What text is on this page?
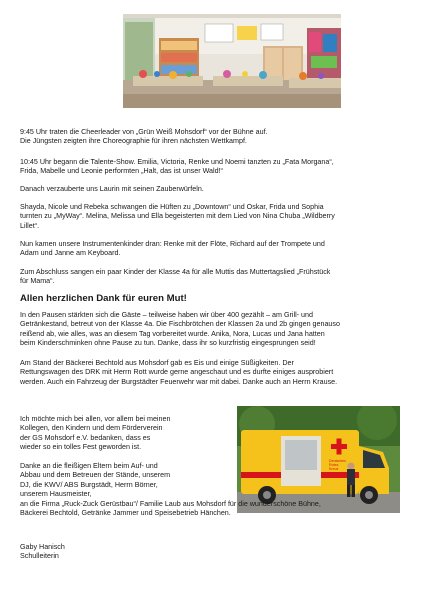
9:45 Uhr traten die Cheerleader von „Grün Weiß Mohsdorf“ vor der Bühne auf.
Die Jüngsten zeigten ihre Choreographie für ihren nächsten Wettkampf.
10:45 Uhr begann die Talente-Show. Emilia, Victoria, Renke und Noemi tanzten zu „Fata Morgana“,
Frida, Mabelle und Leonie performten „Halt, das ist unser Wald!“
Danach verzauberte uns Laurin mit seinen Zauberwürfeln.
Shayda, Nicole und Rebeka schwangen die Hüften zu „Downtown“ und Oskar, Frida und Sophia
turnten zu „MyWay“. Melina, Melissa und Ella begeisterten mit dem Lied von Nina Chuba „Wildberry
Lillet“.
Nun kamen unsere Instrumentenkinder dran: Renke mit der Flöte, Richard auf der Trompete und
Adam und Janne am Keyboard.
Zum Abschluss sangen ein paar Kinder der Klasse 4a für alle Muttis das Muttertagslied „Frühstück
für Mama“.
Allen herzlichen Dank für euren Mut!
In den Pausen stärkten sich die Gäste – teilweise haben wir über 400 gezählt – am Grill- und
Getränkestand, betreut von der Klasse 4a. Die Fischbrötchen der Klassen 2a und 2b gingen genauso
reißend ab, wie alles, was an diesem Tag vorbereitet wurde. Anika, Nora, Lucas und Jana hatten
beim Kinderschminken ohne Pause zu tun. Danke, dass ihr so kurzfristig eingesprungen seid!
Am Stand der Bäckerei Bechtold aus Mohsdorf gab es Eis und einige Süßigkeiten. Der
Rettungswagen des DRK mit Herrn Rott wurde gerne angeschaut und es durfte einiges ausprobiert
werden. Auch ein Fahrzeug der Burgstädter Feuerwehr war mit dabei. Danke auch an Herrn Krause.
Deutsches
Rotes
Kreuz
Ich möchte mich bei allen, vor allem bei meinen
Kollegen, den Kindern und dem Förderverein
der GS Mohsdorf e.V. bedanken, dass es
wieder so ein tolles Fest geworden ist.
Danke an die fleißigen Eltern beim Auf- und
Abbau und dem Betreuen der Stände, unserem
DJ, die KWV/ ABS Burgstädt, Herrn Börner,
unserem Hausmeister,
an die Firma „Ruck-Zuck Gerüstbau“/ Familie Laub aus Mohsdorf für die wunderschöne Bühne,
Bäckerei Bechtold, Getränke Jammer und Speisebetrieb Hänchen.
Gaby Hanisch
Schulleiterin
